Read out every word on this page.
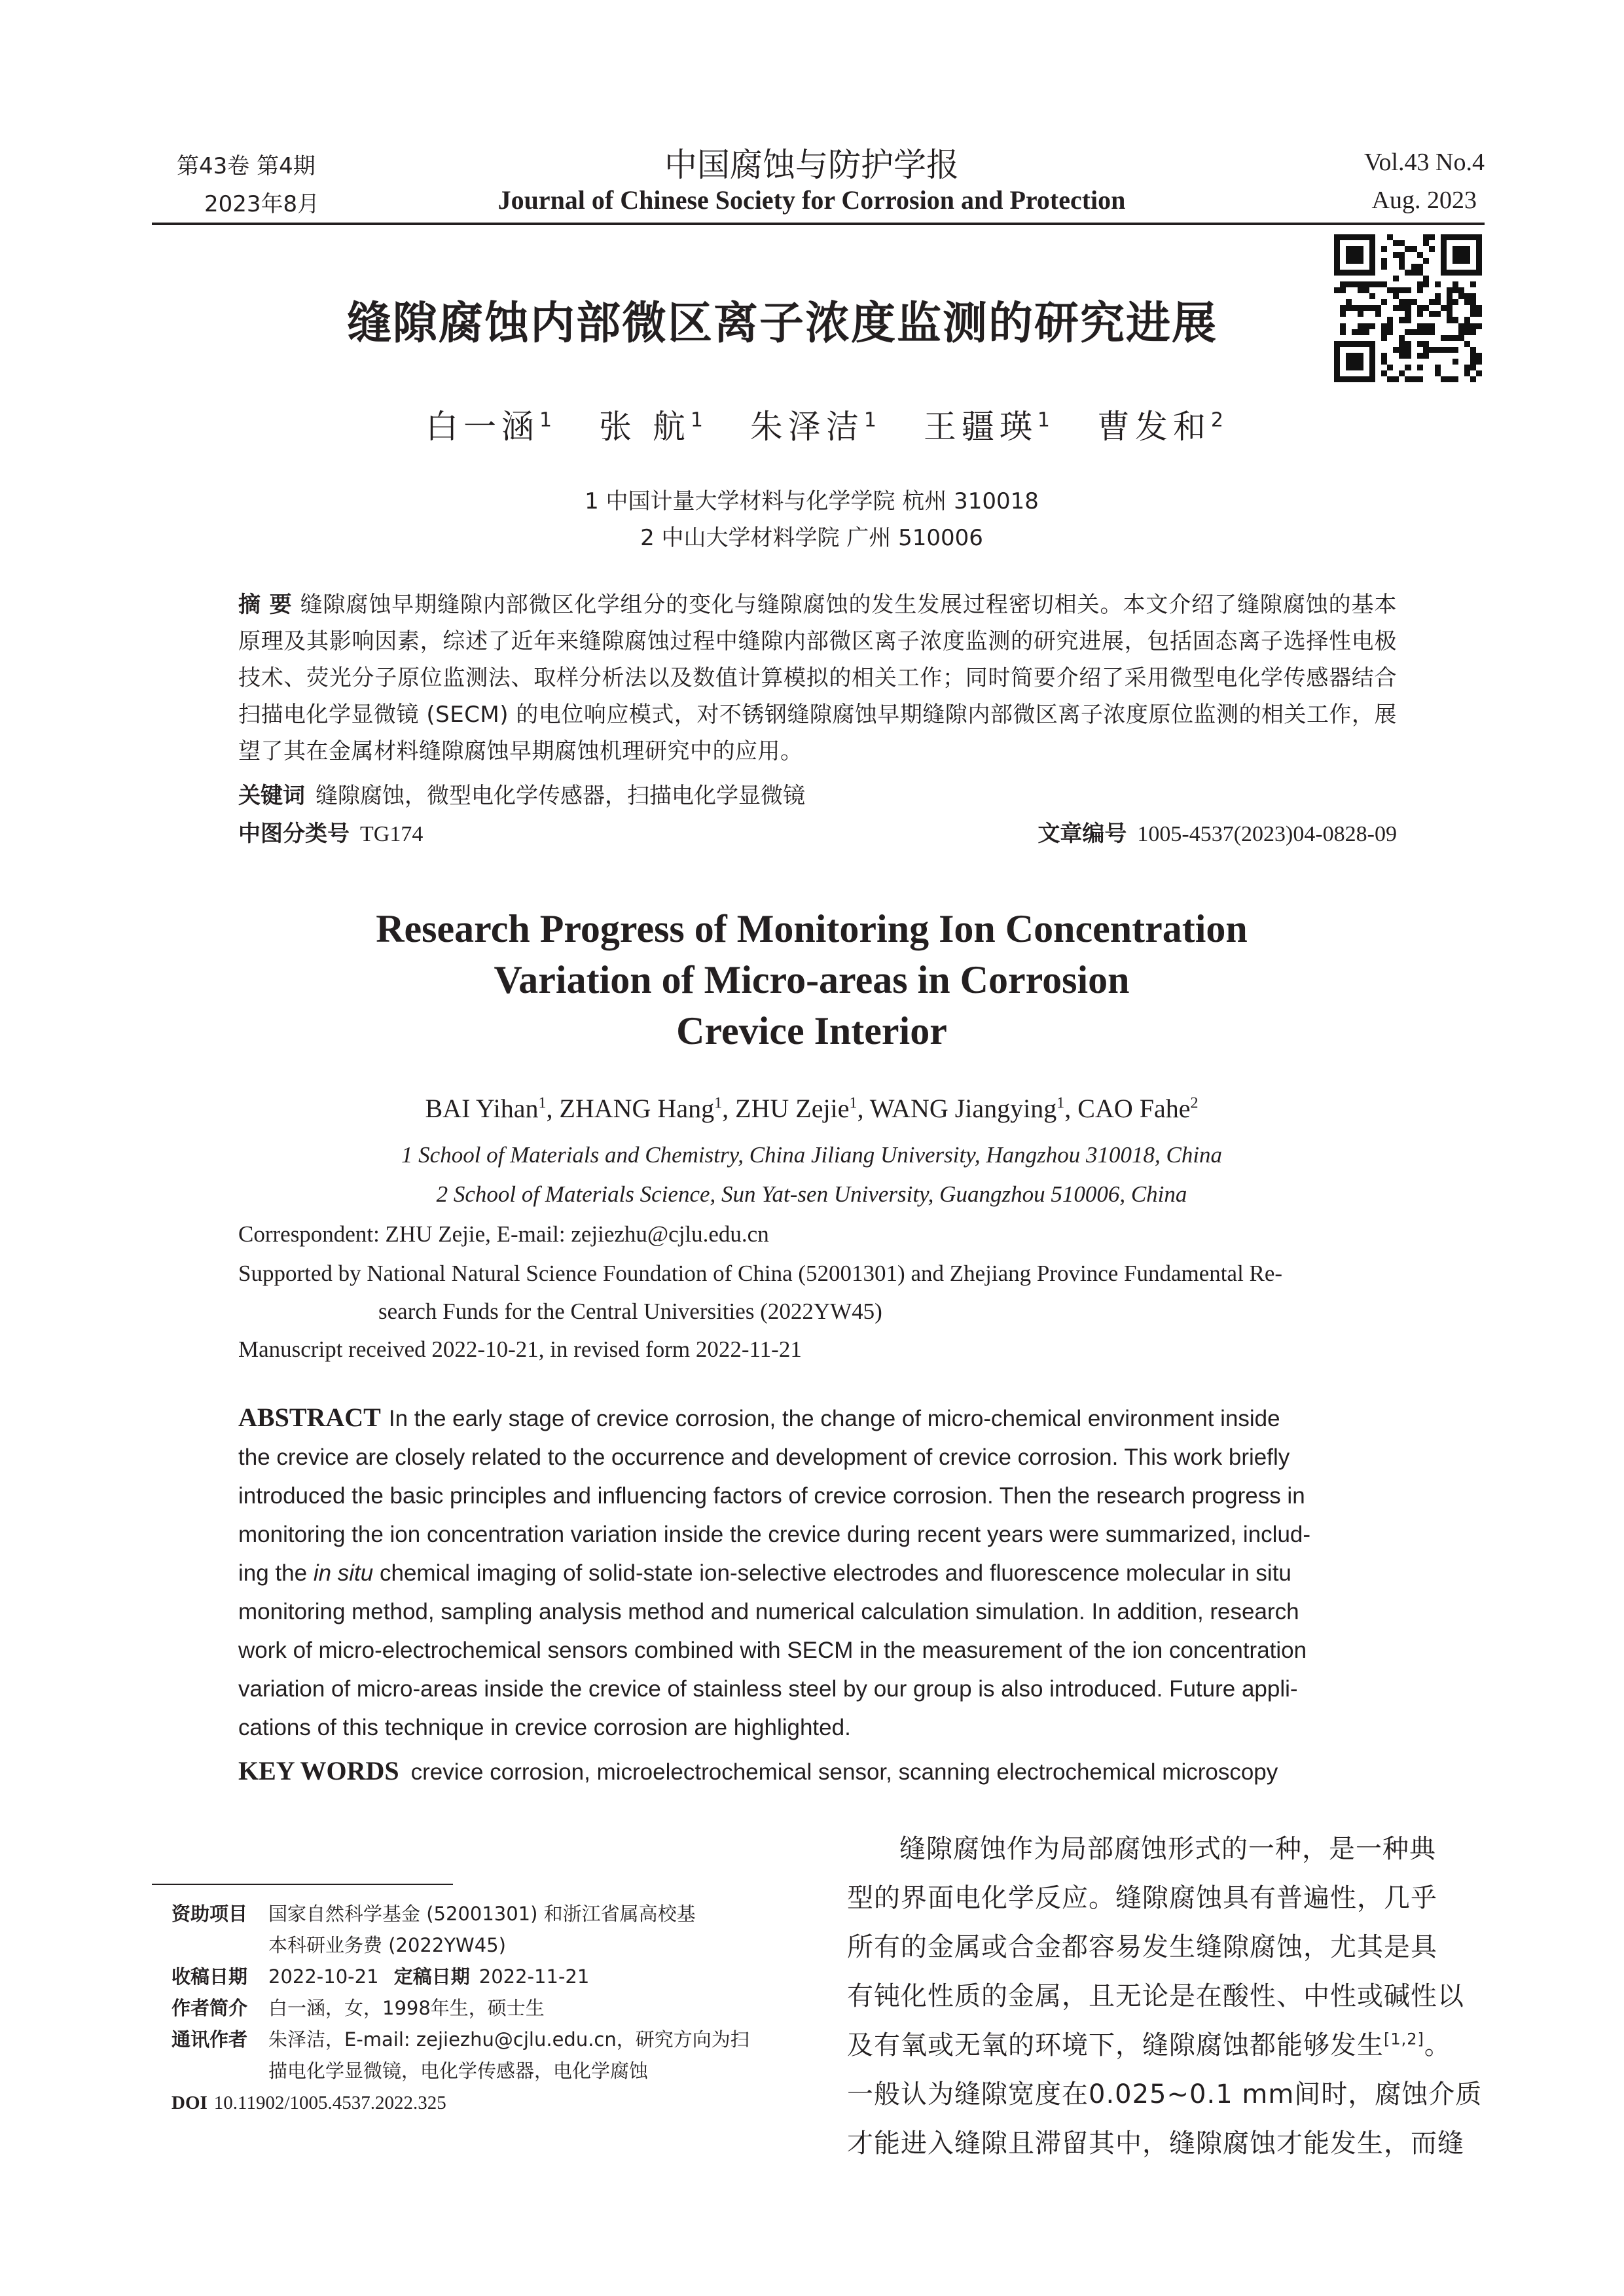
第43卷 第4期
2023年8月
中国腐蚀与防护学报
Journal of Chinese Society for Corrosion and Protection
Vol.43 No.4
Aug. 2023
缝隙腐蚀内部微区离子浓度监测的研究进展
白一涵$^1$ 张 航$^1$ 朱泽洁$^1$ 王疆瑛$^1$ 曹发和$^2$
1 中国计量大学材料与化学学院 杭州 310018
2 中山大学材料学院 广州 510006
摘 要 缝隙腐蚀早期缝隙内部微区化学组分的变化与缝隙腐蚀的发生发展过程密切相关。本文介绍了缝隙腐蚀的基本原理及其影响因素，综述了近年来缝隙腐蚀过程中缝隙内部微区离子浓度监测的研究进展，包括固态离子选择性电极技术、荧光分子原位监测法、取样分析法以及数值计算模拟的相关工作；同时简要介绍了采用微型电化学传感器结合扫描电化学显微镜 (SECM) 的电位响应模式，对不锈钢缝隙腐蚀早期缝隙内部微区离子浓度原位监测的相关工作，展望了其在金属材料缝隙腐蚀早期腐蚀机理研究中的应用。
关键词 缝隙腐蚀，微型电化学传感器，扫描电化学显微镜
中图分类号 TG174	文章编号 1005-4537(2023)04-0828-09
Research Progress of Monitoring Ion Concentration
Variation of Micro-areas in Corrosion
Crevice Interior
BAI Yihan$^1$, ZHANG Hang$^1$, ZHU Zejie$^1$, WANG Jiangying$^1$, CAO Fahe$^2$
1 School of Materials and Chemistry, China Jiliang University, Hangzhou 310018, China
2 School of Materials Science, Sun Yat-sen University, Guangzhou 510006, China
Correspondent: ZHU Zejie, E-mail: zejiezhu@cjlu.edu.cn
Supported by National Natural Science Foundation of China (52001301) and Zhejiang Province Fundamental Re-
search Funds for the Central Universities (2022YW45)
Manuscript received 2022-10-21, in revised form 2022-11-21
ABSTRACT In the early stage of crevice corrosion, the change of micro-chemical environment inside
the crevice are closely related to the occurrence and development of crevice corrosion. This work briefly
introduced the basic principles and influencing factors of crevice corrosion. Then the research progress in
monitoring the ion concentration variation inside the crevice during recent years were summarized, includ-
ing the in situ chemical imaging of solid-state ion-selective electrodes and fluorescence molecular in situ
monitoring method, sampling analysis method and numerical calculation simulation. In addition, research
work of micro-electrochemical sensors combined with SECM in the measurement of the ion concentration
variation of micro-areas inside the crevice of stainless steel by our group is also introduced. Future appli-
cations of this technique in crevice corrosion are highlighted.
KEY WORDS crevice corrosion, microelectrochemical sensor, scanning electrochemical microscopy
资助项目 国家自然科学基金 (52001301) 和浙江省属高校基
本科研业务费 (2022YW45)
收稿日期 2022-10-21 定稿日期 2022-11-21
作者简介 白一涵，女，1998年生，硕士生
通讯作者 朱泽洁，E-mail: zejiezhu@cjlu.edu.cn，研究方向为扫
描电化学显微镜，电化学传感器，电化学腐蚀
DOI 10.11902/1005.4537.2022.325
缝隙腐蚀作为局部腐蚀形式的一种，是一种典
型的界面电化学反应。缝隙腐蚀具有普遍性，几乎
所有的金属或合金都容易发生缝隙腐蚀，尤其是具
有钝化性质的金属，且无论是在酸性、中性或碱性以
及有氧或无氧的环境下，缝隙腐蚀都能够发生[1,2]。
一般认为缝隙宽度在0.025~0.1 mm间时，腐蚀介质
才能进入缝隙且滞留其中，缝隙腐蚀才能发生，而缝
